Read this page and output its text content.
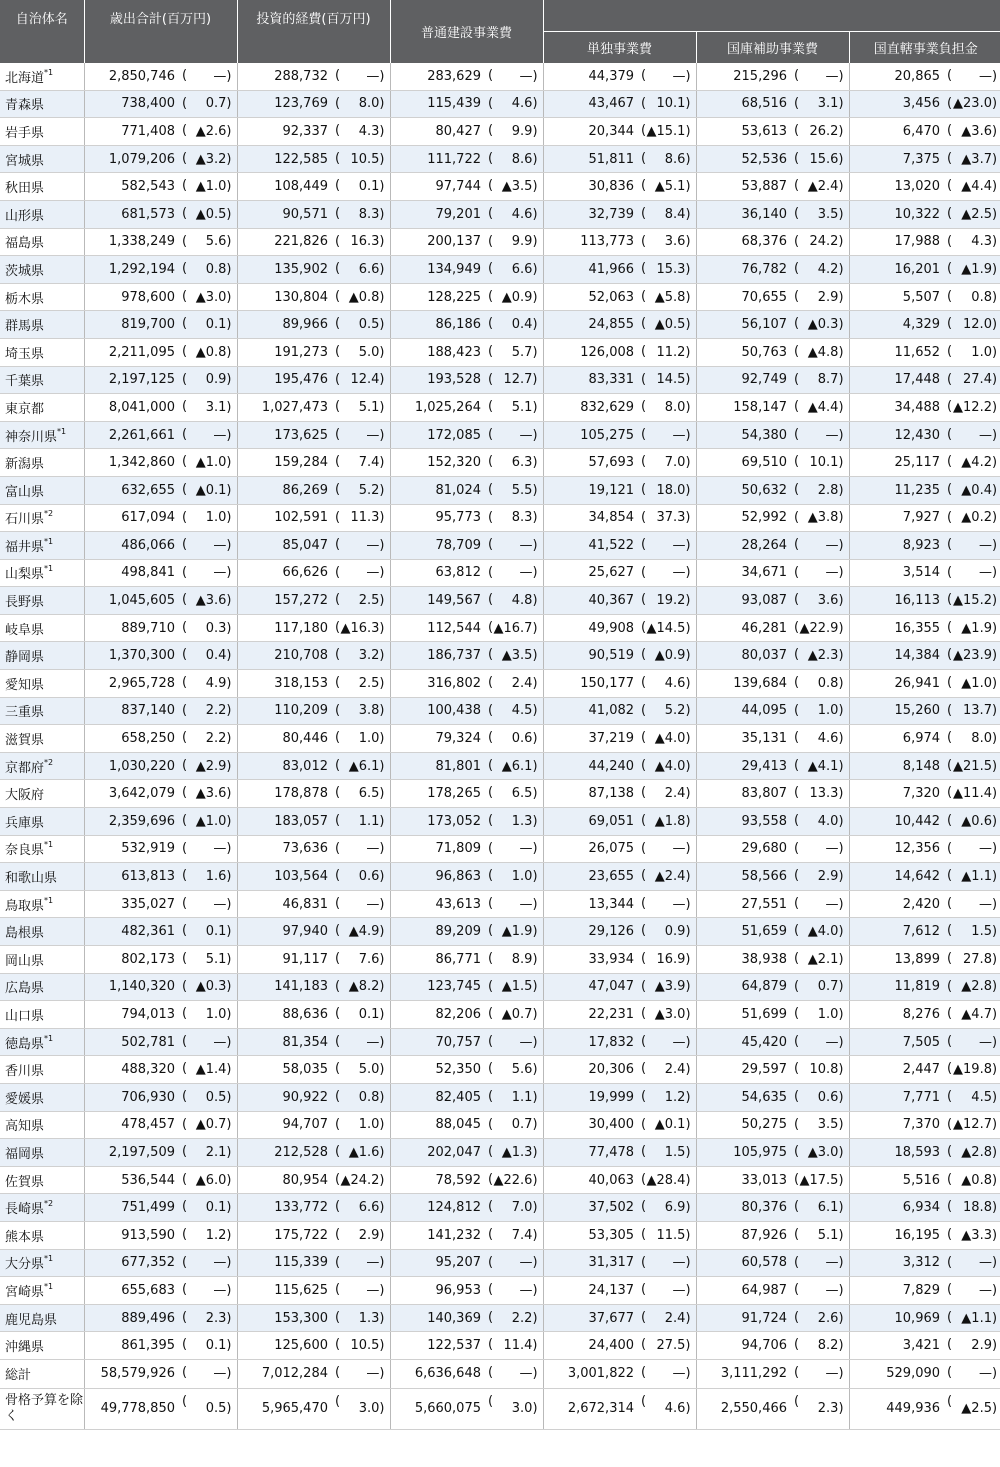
自治体名	歳出合計(百万円)		投資的経費(百万円)		普通建設事業費							
							単独事業費		国庫補助事業費		国直轄事業負担金	
北海道$^{*1}$	2,850,746	( —)	288,732	( —)	283,629	( —)	44,379	( —)	215,296	( —)	20,865	( —)
青森県	738,400	( 0.7)	123,769	( 8.0)	115,439	( 4.6)	43,467	( 10.1)	68,516	( 3.1)	3,456	( ▲23.0)
岩手県	771,408	( ▲2.6)	92,337	( 4.3)	80,427	( 9.9)	20,344	( ▲15.1)	53,613	( 26.2)	6,470	( ▲3.6)
宮城県	1,079,206	( ▲3.2)	122,585	( 10.5)	111,722	( 8.6)	51,811	( 8.6)	52,536	( 15.6)	7,375	( ▲3.7)
秋田県	582,543	( ▲1.0)	108,449	( 0.1)	97,744	( ▲3.5)	30,836	( ▲5.1)	53,887	( ▲2.4)	13,020	( ▲4.4)
山形県	681,573	( ▲0.5)	90,571	( 8.3)	79,201	( 4.6)	32,739	( 8.4)	36,140	( 3.5)	10,322	( ▲2.5)
福島県	1,338,249	( 5.6)	221,826	( 16.3)	200,137	( 9.9)	113,773	( 3.6)	68,376	( 24.2)	17,988	( 4.3)
茨城県	1,292,194	( 0.8)	135,902	( 6.6)	134,949	( 6.6)	41,966	( 15.3)	76,782	( 4.2)	16,201	( ▲1.9)
栃木県	978,600	( ▲3.0)	130,804	( ▲0.8)	128,225	( ▲0.9)	52,063	( ▲5.8)	70,655	( 2.9)	5,507	( 0.8)
群馬県	819,700	( 0.1)	89,966	( 0.5)	86,186	( 0.4)	24,855	( ▲0.5)	56,107	( ▲0.3)	4,329	( 12.0)
埼玉県	2,211,095	( ▲0.8)	191,273	( 5.0)	188,423	( 5.7)	126,008	( 11.2)	50,763	( ▲4.8)	11,652	( 1.0)
千葉県	2,197,125	( 0.9)	195,476	( 12.4)	193,528	( 12.7)	83,331	( 14.5)	92,749	( 8.7)	17,448	( 27.4)
東京都	8,041,000	( 3.1)	1,027,473	( 5.1)	1,025,264	( 5.1)	832,629	( 8.0)	158,147	( ▲4.4)	34,488	( ▲12.2)
神奈川県$^{*1}$	2,261,661	( —)	173,625	( —)	172,085	( —)	105,275	( —)	54,380	( —)	12,430	( —)
新潟県	1,342,860	( ▲1.0)	159,284	( 7.4)	152,320	( 6.3)	57,693	( 7.0)	69,510	( 10.1)	25,117	( ▲4.2)
富山県	632,655	( ▲0.1)	86,269	( 5.2)	81,024	( 5.5)	19,121	( 18.0)	50,632	( 2.8)	11,235	( ▲0.4)
石川県$^{*2}$	617,094	( 1.0)	102,591	( 11.3)	95,773	( 8.3)	34,854	( 37.3)	52,992	( ▲3.8)	7,927	( ▲0.2)
福井県$^{*1}$	486,066	( —)	85,047	( —)	78,709	( —)	41,522	( —)	28,264	( —)	8,923	( —)
山梨県$^{*1}$	498,841	( —)	66,626	( —)	63,812	( —)	25,627	( —)	34,671	( —)	3,514	( —)
長野県	1,045,605	( ▲3.6)	157,272	( 2.5)	149,567	( 4.8)	40,367	( 19.2)	93,087	( 3.6)	16,113	( ▲15.2)
岐阜県	889,710	( 0.3)	117,180	( ▲16.3)	112,544	( ▲16.7)	49,908	( ▲14.5)	46,281	( ▲22.9)	16,355	( ▲1.9)
静岡県	1,370,300	( 0.4)	210,708	( 3.2)	186,737	( ▲3.5)	90,519	( ▲0.9)	80,037	( ▲2.3)	14,384	( ▲23.9)
愛知県	2,965,728	( 4.9)	318,153	( 2.5)	316,802	( 2.4)	150,177	( 4.6)	139,684	( 0.8)	26,941	( ▲1.0)
三重県	837,140	( 2.2)	110,209	( 3.8)	100,438	( 4.5)	41,082	( 5.2)	44,095	( 1.0)	15,260	( 13.7)
滋賀県	658,250	( 2.2)	80,446	( 1.0)	79,324	( 0.6)	37,219	( ▲4.0)	35,131	( 4.6)	6,974	( 8.0)
京都府$^{*2}$	1,030,220	( ▲2.9)	83,012	( ▲6.1)	81,801	( ▲6.1)	44,240	( ▲4.0)	29,413	( ▲4.1)	8,148	( ▲21.5)
大阪府	3,642,079	( ▲3.6)	178,878	( 6.5)	178,265	( 6.5)	87,138	( 2.4)	83,807	( 13.3)	7,320	( ▲11.4)
兵庫県	2,359,696	( ▲1.0)	183,057	( 1.1)	173,052	( 1.3)	69,051	( ▲1.8)	93,558	( 4.0)	10,442	( ▲0.6)
奈良県$^{*1}$	532,919	( —)	73,636	( —)	71,809	( —)	26,075	( —)	29,680	( —)	12,356	( —)
和歌山県	613,813	( 1.6)	103,564	( 0.6)	96,863	( 1.0)	23,655	( ▲2.4)	58,566	( 2.9)	14,642	( ▲1.1)
鳥取県$^{*1}$	335,027	( —)	46,831	( —)	43,613	( —)	13,344	( —)	27,551	( —)	2,420	( —)
島根県	482,361	( 0.1)	97,940	( ▲4.9)	89,209	( ▲1.9)	29,126	( 0.9)	51,659	( ▲4.0)	7,612	( 1.5)
岡山県	802,173	( 5.1)	91,117	( 7.6)	86,771	( 8.9)	33,934	( 16.9)	38,938	( ▲2.1)	13,899	( 27.8)
広島県	1,140,320	( ▲0.3)	141,183	( ▲8.2)	123,745	( ▲1.5)	47,047	( ▲3.9)	64,879	( 0.7)	11,819	( ▲2.8)
山口県	794,013	( 1.0)	88,636	( 0.1)	82,206	( ▲0.7)	22,231	( ▲3.0)	51,699	( 1.0)	8,276	( ▲4.7)
徳島県$^{*1}$	502,781	( —)	81,354	( —)	70,757	( —)	17,832	( —)	45,420	( —)	7,505	( —)
香川県	488,320	( ▲1.4)	58,035	( 5.0)	52,350	( 5.6)	20,306	( 2.4)	29,597	( 10.8)	2,447	( ▲19.8)
愛媛県	706,930	( 0.5)	90,922	( 0.8)	82,405	( 1.1)	19,999	( 1.2)	54,635	( 0.6)	7,771	( 4.5)
高知県	478,457	( ▲0.7)	94,707	( 1.0)	88,045	( 0.7)	30,400	( ▲0.1)	50,275	( 3.5)	7,370	( ▲12.7)
福岡県	2,197,509	( 2.1)	212,528	( ▲1.6)	202,047	( ▲1.3)	77,478	( 1.5)	105,975	( ▲3.0)	18,593	( ▲2.8)
佐賀県	536,544	( ▲6.0)	80,954	( ▲24.2)	78,592	( ▲22.6)	40,063	( ▲28.4)	33,013	( ▲17.5)	5,516	( ▲0.8)
長崎県$^{*2}$	751,499	( 0.1)	133,772	( 6.6)	124,812	( 7.0)	37,502	( 6.9)	80,376	( 6.1)	6,934	( 18.8)
熊本県	913,590	( 1.2)	175,722	( 2.9)	141,232	( 7.4)	53,305	( 11.5)	87,926	( 5.1)	16,195	( ▲3.3)
大分県$^{*1}$	677,352	( —)	115,339	( —)	95,207	( —)	31,317	( —)	60,578	( —)	3,312	( —)
宮崎県$^{*1}$	655,683	( —)	115,625	( —)	96,953	( —)	24,137	( —)	64,987	( —)	7,829	( —)
鹿児島県	889,496	( 2.3)	153,300	( 1.3)	140,369	( 2.2)	37,677	( 2.4)	91,724	( 2.6)	10,969	( ▲1.1)
沖縄県	861,395	( 0.1)	125,600	( 10.5)	122,537	( 11.4)	24,400	( 27.5)	94,706	( 8.2)	3,421	( 2.9)
総計	58,579,926	( —)	7,012,284	( —)	6,636,648	( —)	3,001,822	( —)	3,111,292	( —)	529,090	( —)
骨格予算を除く	49,778,850	( 0.5)	5,965,470	( 3.0)	5,660,075	( 3.0)	2,672,314	( 4.6)	2,550,466	( 2.3)	449,936	( ▲2.5)
